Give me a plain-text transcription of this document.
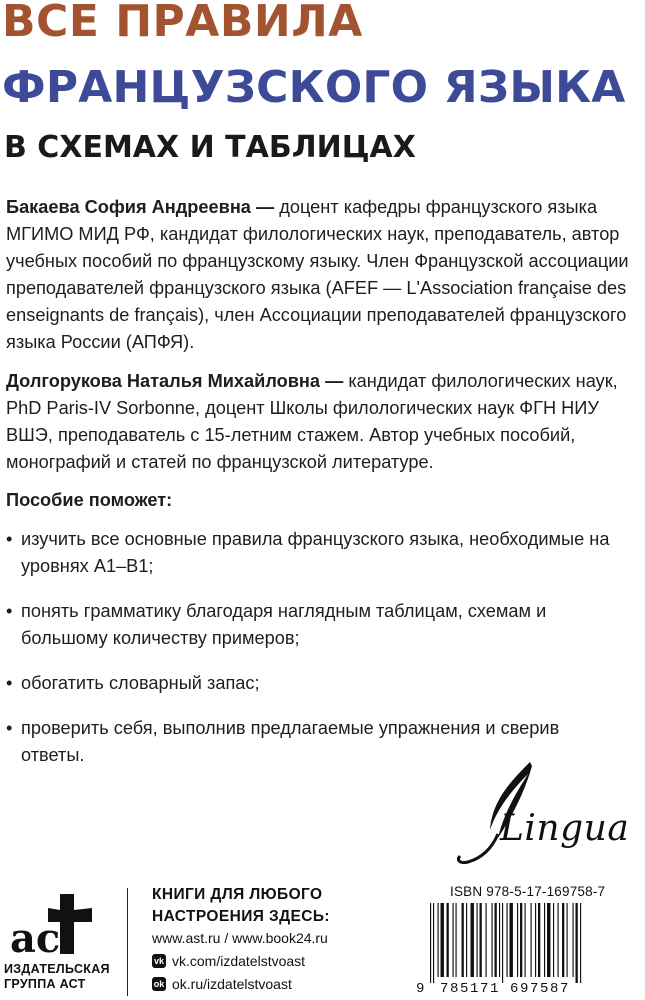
ВСЕ ПРАВИЛА
ФРАНЦУЗСКОГО ЯЗЫКА
В СХЕМАХ И ТАБЛИЦАХ
Бакаева София Андреевна — доцент кафедры французского языка МГИМО МИД РФ, кандидат филологических наук, преподаватель, автор учебных пособий по французскому языку. Член Французской ассоциации преподавателей французского языка (AFEF — L'Association française des enseignants de français), член Ассоциации преподавателей французского языка России (АПФЯ).
Долгорукова Наталья Михайловна — кандидат филологических наук, PhD Paris-IV Sorbonne, доцент Школы филологических наук ФГН НИУ ВШЭ, преподаватель с 15-летним стажем. Автор учебных пособий, монографий и статей по французской литературе.
Пособие поможет:
• изучить все основные правила французского языка, необходимые на уровнях А1–В1;
• понять грамматику благодаря наглядным таблицам, схемам и большому количеству примеров;
• обогатить словарный запас;
• проверить себя, выполнив предлагаемые упражнения и сверив ответы.
Lingua
ac
ИЗДАТЕЛЬСКАЯ
ГРУППА АСТ
КНИГИ ДЛЯ ЛЮБОГО
НАСТРОЕНИЯ ЗДЕСЬ:
www.ast.ru / www.book24.ru
vk vk.com/izdatelstvoast
ok ok.ru/izdatelstvoast
ISBN 978-5-17-169758-7
9 785171 697587
